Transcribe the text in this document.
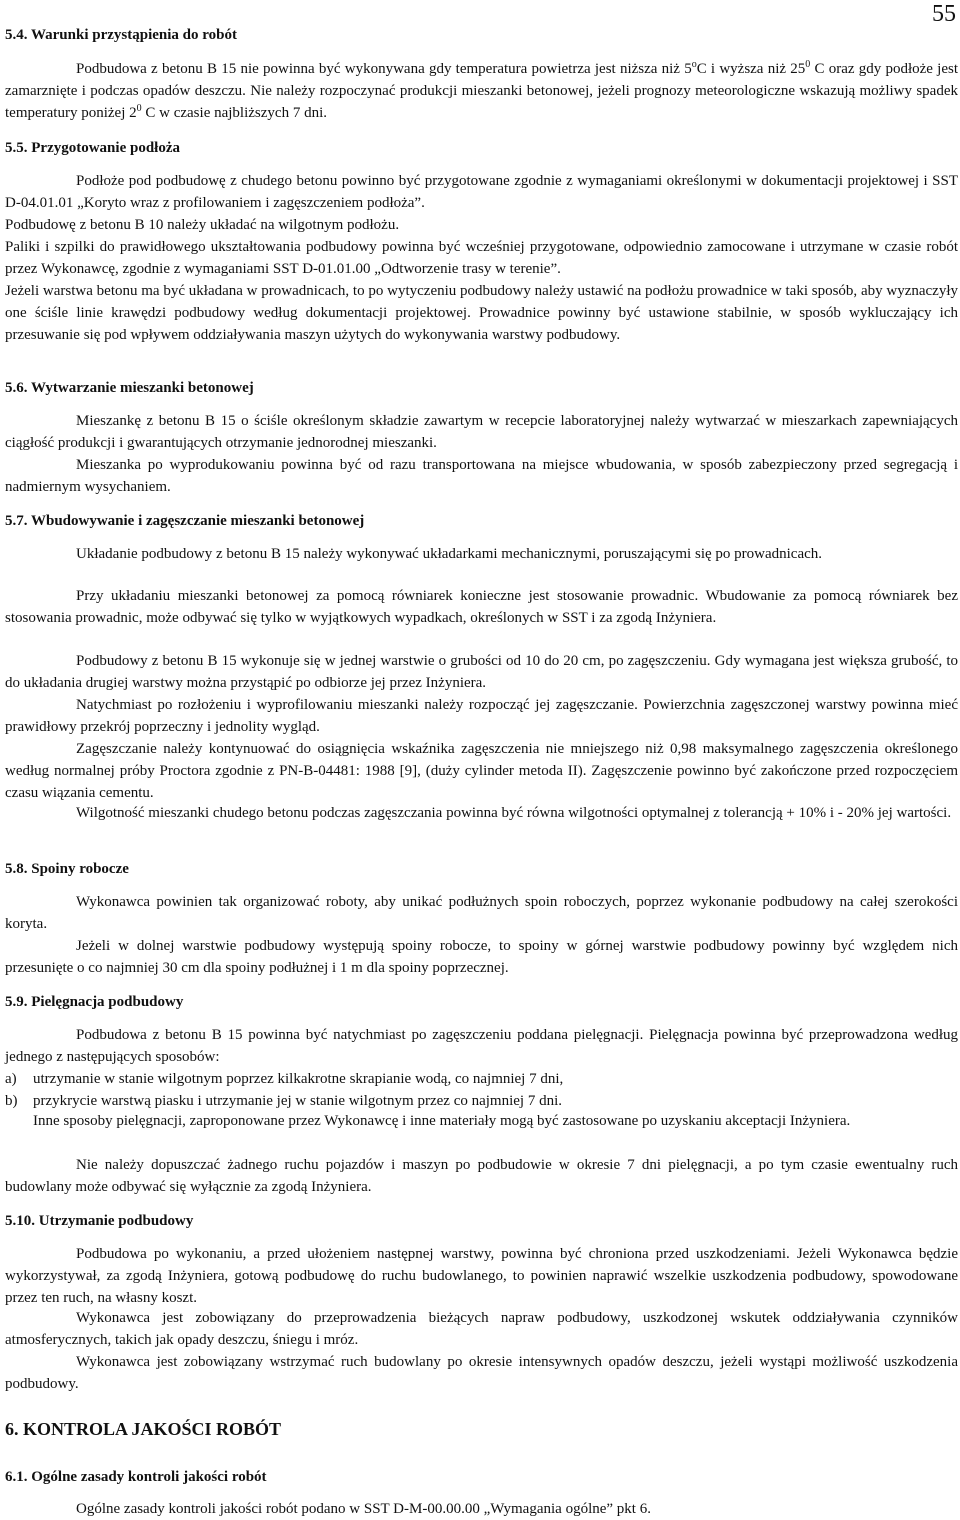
55
5.4. Warunki przystąpienia do robót

Podbudowa z betonu B 15 nie powinna być wykonywana gdy temperatura powietrza jest niższa niż 5$^o$C i wyższa niż $25^0$ C oraz gdy podłoże jest zamarznięte i podczas opadów deszczu. Nie należy rozpoczynać produkcji mieszanki betonowej, jeżeli prognozy meteorologiczne wskazują możliwy spadek temperatury poniżej $2^0$ C w czasie najbliższych 7 dni.

5.5. Przygotowanie podłoża

Podłoże pod podbudowę z chudego betonu powinno być przygotowane zgodnie z wymaganiami określonymi w dokumentacji projektowej i SST D-04.01.01 „Koryto wraz z profilowaniem i zagęszczeniem podłoża”.

Podbudowę z betonu B 10 należy układać na wilgotnym podłożu.

Paliki i szpilki do prawidłowego ukształtowania podbudowy powinna być wcześniej przygotowane, odpowiednio zamocowane i utrzymane w czasie robót przez Wykonawcę, zgodnie z wymaganiami SST D-01.01.00 „Odtworzenie trasy w terenie”.

Jeżeli warstwa betonu ma być układana w prowadnicach, to po wytyczeniu podbudowy należy ustawić na podłożu prowadnice w taki sposób, aby wyznaczyły one ściśle linie krawędzi podbudowy według dokumentacji projektowej. Prowadnice powinny być ustawione stabilnie, w sposób wykluczający ich przesuwanie się pod wpływem oddziaływania maszyn użytych do wykonywania warstwy podbudowy.

5.6. Wytwarzanie mieszanki betonowej

Mieszankę z betonu B 15 o ściśle określonym składzie zawartym w recepcie laboratoryjnej należy wytwarzać w mieszarkach zapewniających ciągłość produkcji i gwarantujących otrzymanie jednorodnej mieszanki.

Mieszanka po wyprodukowaniu powinna być od razu transportowana na miejsce wbudowania, w sposób zabezpieczony przed segregacją i nadmiernym wysychaniem.

5.7. Wbudowywanie i zagęszczanie mieszanki betonowej

Układanie podbudowy z betonu B 15 należy wykonywać układarkami mechanicznymi, poruszającymi się po prowadnicach.

Przy układaniu mieszanki betonowej za pomocą równiarek konieczne jest stosowanie prowadnic. Wbudowanie za pomocą równiarek bez stosowania prowadnic, może odbywać się tylko w wyjątkowych wypadkach, określonych w SST i za zgodą Inżyniera.

Podbudowy z betonu B 15 wykonuje się w jednej warstwie o grubości od 10 do 20 cm, po zagęszczeniu. Gdy wymagana jest większa grubość, to do układania drugiej warstwy można przystąpić po odbiorze jej przez Inżyniera.

Natychmiast po rozłożeniu i wyprofilowaniu mieszanki należy rozpocząć jej zagęszczanie. Powierzchnia zagęszczonej warstwy powinna mieć prawidłowy przekrój poprzeczny i jednolity wygląd.

Zagęszczanie należy kontynuować do osiągnięcia wskaźnika zagęszczenia nie mniejszego niż 0,98 maksymalnego zagęszczenia określonego według normalnej próby Proctora zgodnie z PN-B-04481: 1988 [9], (duży cylinder metoda II). Zagęszczenie powinno być zakończone przed rozpoczęciem czasu wiązania cementu.

Wilgotność mieszanki chudego betonu podczas zagęszczania powinna być równa wilgotności optymalnej z tolerancją + 10% i - 20% jej wartości.

5.8. Spoiny robocze

Wykonawca powinien tak organizować roboty, aby unikać podłużnych spoin roboczych, poprzez wykonanie podbudowy na całej szerokości koryta.

Jeżeli w dolnej warstwie podbudowy występują spoiny robocze, to spoiny w górnej warstwie podbudowy powinny być względem nich przesunięte o co najmniej 30 cm dla spoiny podłużnej i 1 m dla spoiny poprzecznej.

5.9. Pielęgnacja podbudowy

Podbudowa z betonu B 15 powinna być natychmiast po zagęszczeniu poddana pielęgnacji. Pielęgnacja powinna być przeprowadzona według jednego z następujących sposobów:

a)	utrzymanie w stanie wilgotnym poprzez kilkakrotne skrapianie wodą, co najmniej 7 dni,
b)	przykrycie warstwą piasku i utrzymanie jej w stanie wilgotnym przez co najmniej 7 dni.

Inne sposoby pielęgnacji, zaproponowane przez Wykonawcę i inne materiały mogą być zastosowane po uzyskaniu akceptacji Inżyniera.

Nie należy dopuszczać żadnego ruchu pojazdów i maszyn po podbudowie w okresie 7 dni pielęgnacji, a po tym czasie ewentualny ruch budowlany może odbywać się wyłącznie za zgodą Inżyniera.

5.10. Utrzymanie podbudowy

Podbudowa po wykonaniu, a przed ułożeniem następnej warstwy, powinna być chroniona przed uszkodzeniami. Jeżeli Wykonawca będzie wykorzystywał, za zgodą Inżyniera, gotową podbudowę do ruchu budowlanego, to powinien naprawić wszelkie uszkodzenia podbudowy, spowodowane przez ten ruch, na własny koszt.

Wykonawca jest zobowiązany do przeprowadzenia bieżących napraw podbudowy, uszkodzonej wskutek oddziaływania czynników atmosferycznych, takich jak opady deszczu, śniegu i mróz.

Wykonawca jest zobowiązany wstrzymać ruch budowlany po okresie intensywnych opadów deszczu, jeżeli wystąpi możliwość uszkodzenia podbudowy.

6. KONTROLA JAKOŚCI ROBÓT
6.1. Ogólne zasady kontroli jakości robót

Ogólne zasady kontroli jakości robót podano w SST D-M-00.00.00 „Wymagania ogólne” pkt 6.
